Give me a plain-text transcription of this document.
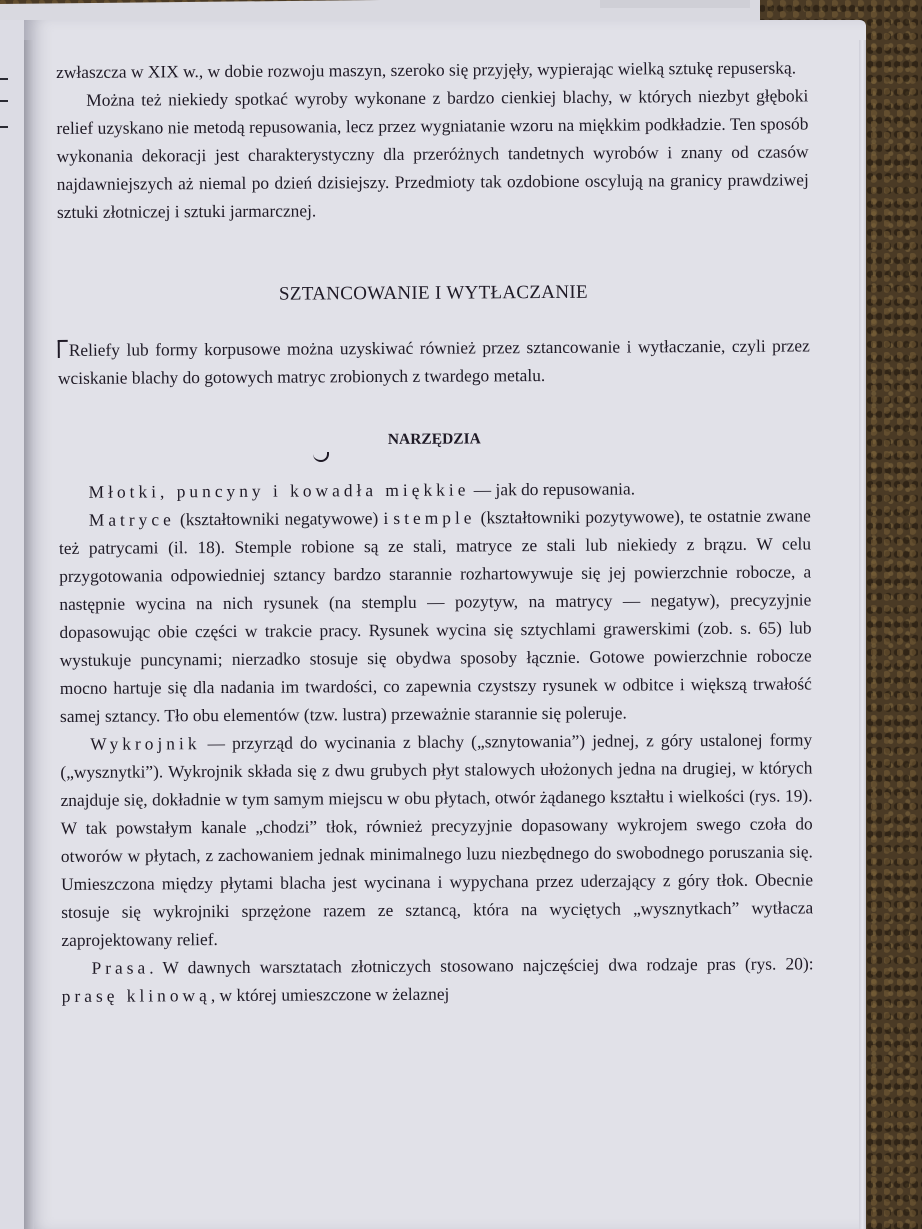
zwłaszcza w XIX w., w dobie rozwoju maszyn, szeroko się przyjęły, wypierając wielką sztukę repuserską.

Można też niekiedy spotkać wyroby wykonane z bardzo cienkiej blachy, w których niezbyt głęboki relief uzyskano nie metodą repusowania, lecz przez wygniatanie wzoru na miękkim podkładzie. Ten sposób wykonania dekoracji jest charakterystyczny dla przeróżnych tandetnych wyrobów i znany od czasów najdawniejszych aż niemal po dzień dzisiejszy. Przedmioty tak ozdobione oscylują na granicy prawdziwej sztuki złotniczej i sztuki jarmarcznej.

SZTANCOWANIE I WYTŁACZANIE

Reliefy lub formy korpusowe można uzyskiwać również przez sztancowanie i wytłaczanie, czyli przez wciskanie blachy do gotowych matryc zrobionych z twardego metalu.

NARZĘDZIA

Młotki, puncyny i kowadła miękkie — jak do repusowania.

Matryce (kształtowniki negatywowe) i stemple (kształtowniki pozytywowe), te ostatnie zwane też patrycami (il. 18). Stemple robione są ze stali, matryce ze stali lub niekiedy z brązu. W celu przygotowania odpowiedniej sztancy bardzo starannie rozhartowywuje się jej powierzchnie robocze, a następnie wycina na nich rysunek (na stemplu — pozytyw, na matrycy — negatyw), precyzyjnie dopasowując obie części w trakcie pracy. Rysunek wycina się sztychlami grawerskimi (zob. s. 65) lub wystukuje puncynami; nierzadko stosuje się obydwa sposoby łącznie. Gotowe powierzchnie robocze mocno hartuje się dla nadania im twardości, co zapewnia czystszy rysunek w odbitce i większą trwałość samej sztancy. Tło obu elementów (tzw. lustra) przeważnie starannie się poleruje.

Wykrojnik — przyrząd do wycinania z blachy („sznytowania”) jednej, z góry ustalonej formy („wysznytki”). Wykrojnik składa się z dwu grubych płyt stalowych ułożonych jedna na drugiej, w których znajduje się, dokładnie w tym samym miejscu w obu płytach, otwór żądanego kształtu i wielkości (rys. 19). W tak powstałym kanale „chodzi” tłok, również precyzyjnie dopasowany wykrojem swego czoła do otworów w płytach, z zachowaniem jednak minimalnego luzu niezbędnego do swobodnego poruszania się. Umieszczona między płytami blacha jest wycinana i wypychana przez uderzający z góry tłok. Obecnie stosuje się wykrojniki sprzężone razem ze sztancą, która na wyciętych „wysznytkach” wytłacza zaprojektowany relief.

Prasa. W dawnych warsztatach złotniczych stosowano najczęściej dwa rodzaje pras (rys. 20): prasę klinową, w której umieszczone w żelaznej
